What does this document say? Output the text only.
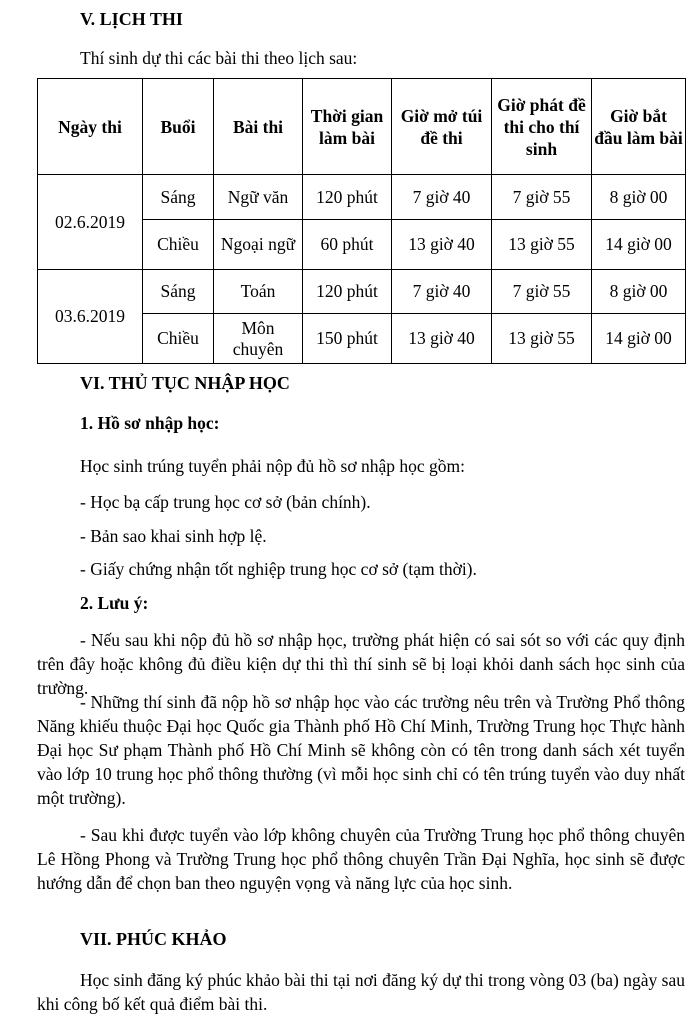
V. LỊCH THI

Thí sinh dự thi các bài thi theo lịch sau:

Ngày thi	Buổi	Bài thi	Thời gian làm bài	Giờ mở túi đề thi	Giờ phát đề thi cho thí sinh	Giờ bắt đầu làm bài
02.6.2019	Sáng	Ngữ văn	120 phút	7 giờ 40	7 giờ 55	8 giờ 00
	Chiều	Ngoại ngữ	60 phút	13 giờ 40	13 giờ 55	14 giờ 00
03.6.2019	Sáng	Toán	120 phút	7 giờ 40	7 giờ 55	8 giờ 00
	Chiều	Môn chuyên	150 phút	13 giờ 40	13 giờ 55	14 giờ 00
VI. THỦ TỤC NHẬP HỌC
1. Hồ sơ nhập học:

Học sinh trúng tuyển phải nộp đủ hồ sơ nhập học gồm:

- Học bạ cấp trung học cơ sở (bản chính).

- Bản sao khai sinh hợp lệ.

- Giấy chứng nhận tốt nghiệp trung học cơ sở (tạm thời).

2. Lưu ý:

- Nếu sau khi nộp đủ hồ sơ nhập học, trường phát hiện có sai sót so với các quy định trên đây hoặc không đủ điều kiện dự thi thì thí sinh sẽ bị loại khỏi danh sách học sinh của trường.

- Những thí sinh đã nộp hồ sơ nhập học vào các trường nêu trên và Trường Phổ thông Năng khiếu thuộc Đại học Quốc gia Thành phố Hồ Chí Minh, Trường Trung học Thực hành Đại học Sư phạm Thành phố Hồ Chí Minh sẽ không còn có tên trong danh sách xét tuyển vào lớp 10 trung học phổ thông thường (vì mỗi học sinh chỉ có tên trúng tuyển vào duy nhất một trường).

- Sau khi được tuyển vào lớp không chuyên của Trường Trung học phổ thông chuyên Lê Hồng Phong và Trường Trung học phổ thông chuyên Trần Đại Nghĩa, học sinh sẽ được hướng dẫn để chọn ban theo nguyện vọng và năng lực của học sinh.

VII. PHÚC KHẢO

Học sinh đăng ký phúc khảo bài thi tại nơi đăng ký dự thi trong vòng 03 (ba) ngày sau khi công bố kết quả điểm bài thi.
